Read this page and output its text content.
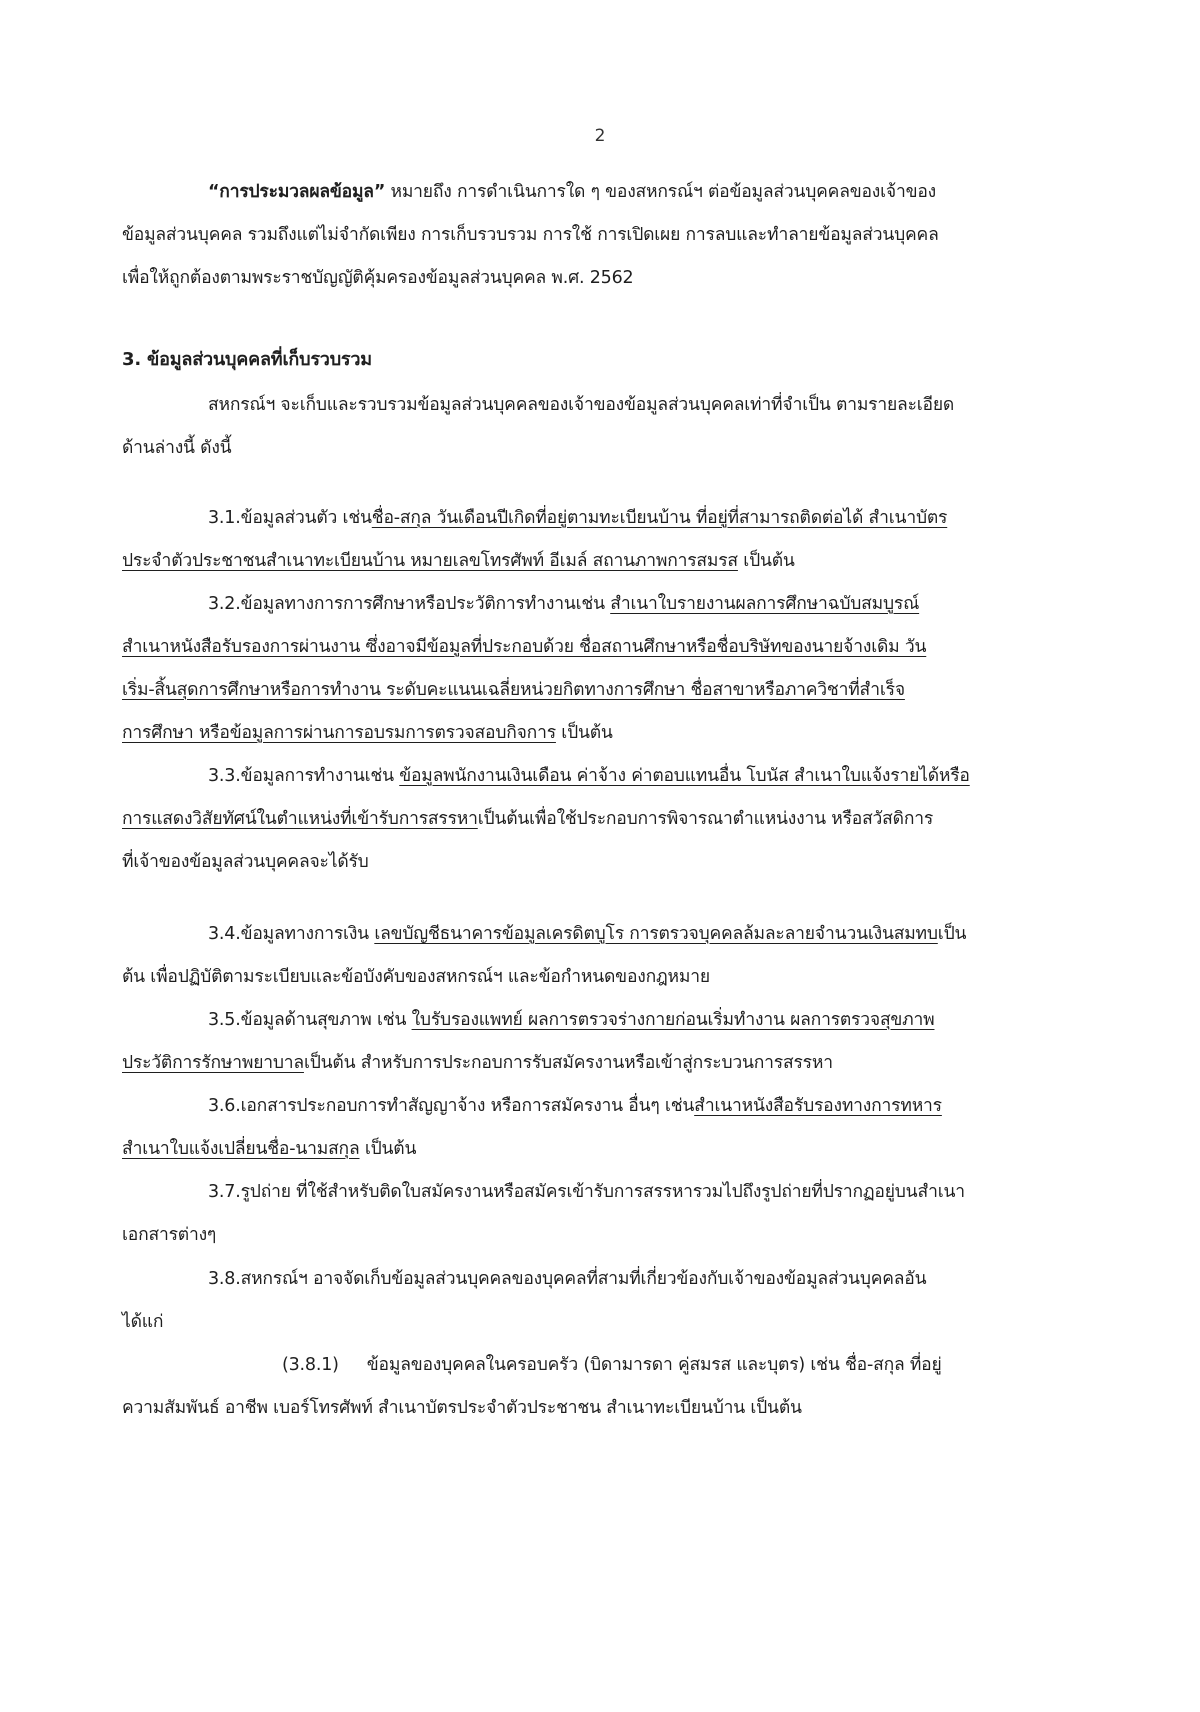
2
“การประมวลผลข้อมูล” หมายถึง การดำเนินการใด ๆ ของสหกรณ์ฯ ต่อข้อมูลส่วนบุคคลของเจ้าของ
ข้อมูลส่วนบุคคล รวมถึงแต่ไม่จำกัดเพียง การเก็บรวบรวม การใช้ การเปิดเผย การลบและทำลายข้อมูลส่วนบุคคล
เพื่อให้ถูกต้องตามพระราชบัญญัติคุ้มครองข้อมูลส่วนบุคคล พ.ศ. 2562
3. ข้อมูลส่วนบุคคลที่เก็บรวบรวม
สหกรณ์ฯ จะเก็บและรวบรวมข้อมูลส่วนบุคคลของเจ้าของข้อมูลส่วนบุคคลเท่าที่จำเป็น ตามรายละเอียด
ด้านล่างนี้ ดังนี้
3.1.ข้อมูลส่วนตัว เช่นชื่อ-สกุล วันเดือนปีเกิดที่อยู่ตามทะเบียนบ้าน ที่อยู่ที่สามารถติดต่อได้ สำเนาบัตร
ประจำตัวประชาชนสำเนาทะเบียนบ้าน หมายเลขโทรศัพท์ อีเมล์ สถานภาพการสมรส เป็นต้น
3.2.ข้อมูลทางการการศึกษาหรือประวัติการทำงานเช่น สำเนาใบรายงานผลการศึกษาฉบับสมบูรณ์
สำเนาหนังสือรับรองการผ่านงาน ซึ่งอาจมีข้อมูลที่ประกอบด้วย ชื่อสถานศึกษาหรือชื่อบริษัทของนายจ้างเดิม วัน
เริ่ม-สิ้นสุดการศึกษาหรือการทำงาน ระดับคะแนนเฉลี่ยหน่วยกิตทางการศึกษา ชื่อสาขาหรือภาควิชาที่สำเร็จ
การศึกษา หรือข้อมูลการผ่านการอบรมการตรวจสอบกิจการ เป็นต้น
3.3.ข้อมูลการทำงานเช่น ข้อมูลพนักงานเงินเดือน ค่าจ้าง ค่าตอบแทนอื่น โบนัส สำเนาใบแจ้งรายได้หรือ
การแสดงวิสัยทัศน์ในตำแหน่งที่เข้ารับการสรรหาเป็นต้นเพื่อใช้ประกอบการพิจารณาตำแหน่งงาน หรือสวัสดิการ
ที่เจ้าของข้อมูลส่วนบุคคลจะได้รับ
3.4.ข้อมูลทางการเงิน เลขบัญชีธนาคารข้อมูลเครดิตบูโร การตรวจบุคคลล้มละลายจำนวนเงินสมทบเป็น
ต้น เพื่อปฏิบัติตามระเบียบและข้อบังคับของสหกรณ์ฯ และข้อกำหนดของกฎหมาย
3.5.ข้อมูลด้านสุขภาพ เช่น ใบรับรองแพทย์ ผลการตรวจร่างกายก่อนเริ่มทำงาน ผลการตรวจสุขภาพ
ประวัติการรักษาพยาบาลเป็นต้น สำหรับการประกอบการรับสมัครงานหรือเข้าสู่กระบวนการสรรหา
3.6.เอกสารประกอบการทำสัญญาจ้าง หรือการสมัครงาน อื่นๆ เช่นสำเนาหนังสือรับรองทางการทหาร
สำเนาใบแจ้งเปลี่ยนชื่อ-นามสกุล เป็นต้น
3.7.รูปถ่าย ที่ใช้สำหรับติดใบสมัครงานหรือสมัครเข้ารับการสรรหารวมไปถึงรูปถ่ายที่ปรากฏอยู่บนสำเนา
เอกสารต่างๆ
3.8.สหกรณ์ฯ อาจจัดเก็บข้อมูลส่วนบุคคลของบุคคลที่สามที่เกี่ยวข้องกับเจ้าของข้อมูลส่วนบุคคลอัน
ได้แก่
(3.8.1) ข้อมูลของบุคคลในครอบครัว (บิดามารดา คู่สมรส และบุตร) เช่น ชื่อ-สกุล ที่อยู่
ความสัมพันธ์ อาชีพ เบอร์โทรศัพท์ สำเนาบัตรประจำตัวประชาชน สำเนาทะเบียนบ้าน เป็นต้น
